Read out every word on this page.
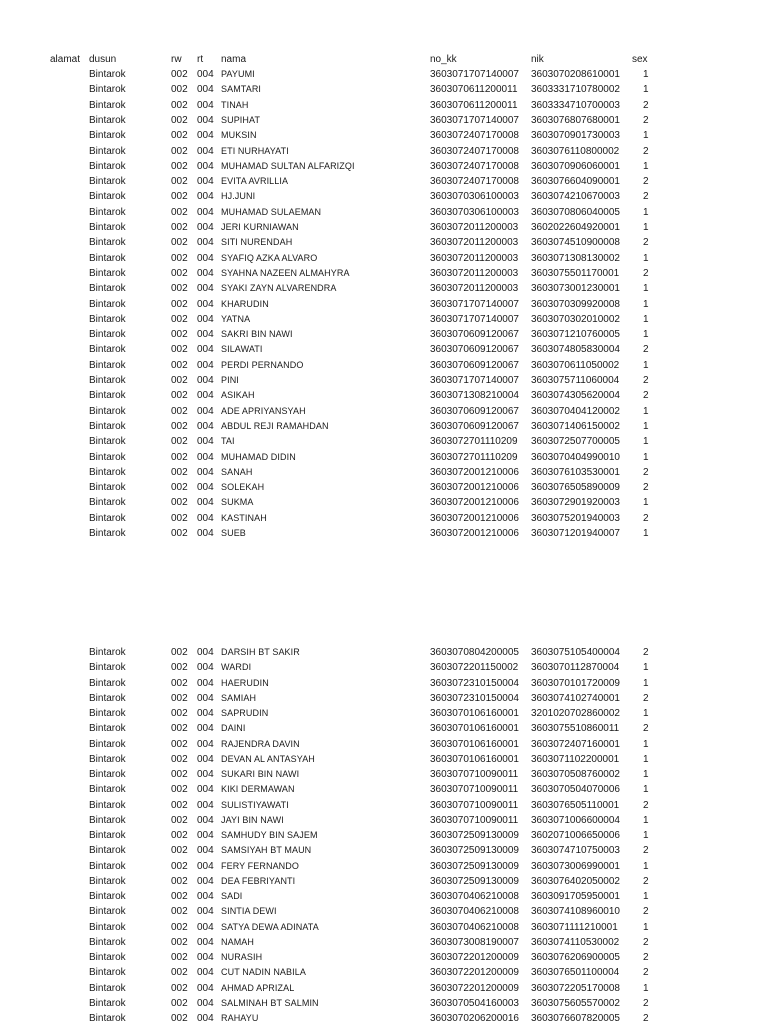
alamat dusun	rw rt nama	no_kk	nik	sex
Bintarok	002 004 PAYUMI	3603071707140007 3603070208610001 1
Bintarok	002 004 SAMTARI	3603070611200011 3603331710780002 1
Bintarok	002 004 TINAH	3603070611200011 3603334710700003 2
Bintarok	002 004 SUPIHAT	3603071707140007 3603076807680001 2
Bintarok	002 004 MUKSIN	3603072407170008 3603070901730003 1
Bintarok	002 004 ETI NURHAYATI	3603072407170008 3603076110800002 2
Bintarok	002 004 MUHAMAD SULTAN ALFARIZQI	3603072407170008 3603070906060001 1
Bintarok	002 004 EVITA AVRILLIA	3603072407170008 3603076604090001 2
Bintarok	002 004 HJ.JUNI	3603070306100003 3603074210670003 2
Bintarok	002 004 MUHAMAD SULAEMAN	3603070306100003 3603070806040005 1
Bintarok	002 004 JERI KURNIAWAN	3603072011200003 3602022604920001 1
Bintarok	002 004 SITI NURENDAH	3603072011200003 3603074510900008 2
Bintarok	002 004 SYAFIQ AZKA ALVARO	3603072011200003 3603071308130002 1
Bintarok	002 004 SYAHNA NAZEEN ALMAHYRA	3603072011200003 3603075501170001 2
Bintarok	002 004 SYAKI ZAYN ALVARENDRA	3603072011200003 3603073001230001 1
Bintarok	002 004 KHARUDIN	3603071707140007 3603070309920008 1
Bintarok	002 004 YATNA	3603071707140007 3603070302010002 1
Bintarok	002 004 SAKRI BIN NAWI	3603070609120067 3603071210760005 1
Bintarok	002 004 SILAWATI	3603070609120067 3603074805830004 2
Bintarok	002 004 PERDI PERNANDO	3603070609120067 3603070611050002 1
Bintarok	002 004 PINI	3603071707140007 3603075711060004 2
Bintarok	002 004 ASIKAH	3603071308210004 3603074305620004 2
Bintarok	002 004 ADE APRIYANSYAH	3603070609120067 3603070404120002 1
Bintarok	002 004 ABDUL REJI RAMAHDAN	3603070609120067 3603071406150002 1
Bintarok	002 004 TAI	3603072701110209 3603072507700005 1
Bintarok	002 004 MUHAMAD DIDIN	3603072701110209 3603070404990010 1
Bintarok	002 004 SANAH	3603072001210006 3603076103530001 2
Bintarok	002 004 SOLEKAH	3603072001210006 3603076505890009 2
Bintarok	002 004 SUKMA	3603072001210006 3603072901920003 1
Bintarok	002 004 KASTINAH	3603072001210006 3603075201940003 2
Bintarok	002 004 SUEB	3603072001210006 3603071201940007 1
Bintarok	002 004 DARSIH BT SAKIR	3603070804200005 3603075105400004 2
Bintarok	002 004 WARDI	3603072201150002 3603070112870004 1
Bintarok	002 004 HAERUDIN	3603072310150004 3603070101720009 1
Bintarok	002 004 SAMIAH	3603072310150004 3603074102740001 2
Bintarok	002 004 SAPRUDIN	3603070106160001 3201020702860002 1
Bintarok	002 004 DAINI	3603070106160001 3603075510860011 2
Bintarok	002 004 RAJENDRA DAVIN	3603070106160001 3603072407160001 1
Bintarok	002 004 DEVAN AL ANTASYAH	3603070106160001 3603071102200001 1
Bintarok	002 004 SUKARI BIN NAWI	3603070710090011 3603070508760002 1
Bintarok	002 004 KIKI DERMAWAN	3603070710090011 3603070504070006 1
Bintarok	002 004 SULISTIYAWATI	3603070710090011 3603076505110001 2
Bintarok	002 004 JAYI BIN NAWI	3603070710090011 3603071006600004 1
Bintarok	002 004 SAMHUDY BIN SAJEM	3603072509130009 3602071006650006 1
Bintarok	002 004 SAMSIYAH BT MAUN	3603072509130009 3603074710750003 2
Bintarok	002 004 FERY FERNANDO	3603072509130009 3603073006990001 1
Bintarok	002 004 DEA FEBRIYANTI	3603072509130009 3603076402050002 2
Bintarok	002 004 SADI	3603070406210008 3603091705950001 1
Bintarok	002 004 SINTIA DEWI	3603070406210008 3603074108960010 2
Bintarok	002 004 SATYA DEWA ADINATA	3603070406210008 3603071111210001	1
Bintarok	002 004 NAMAH	3603073008190007 3603074110530002 2
Bintarok	002 004 NURASIH	3603072201200009 3603076206900005 2
Bintarok	002 004 CUT NADIN NABILA	3603072201200009 3603076501100004 2
Bintarok	002 004 AHMAD APRIZAL	3603072201200009 3603072205170008 1
Bintarok	002 004 SALMINAH BT SALMIN	3603070504160003 3603075605570002 2
Bintarok	002 004 RAHAYU	3603070206200016 3603076607820005 2
